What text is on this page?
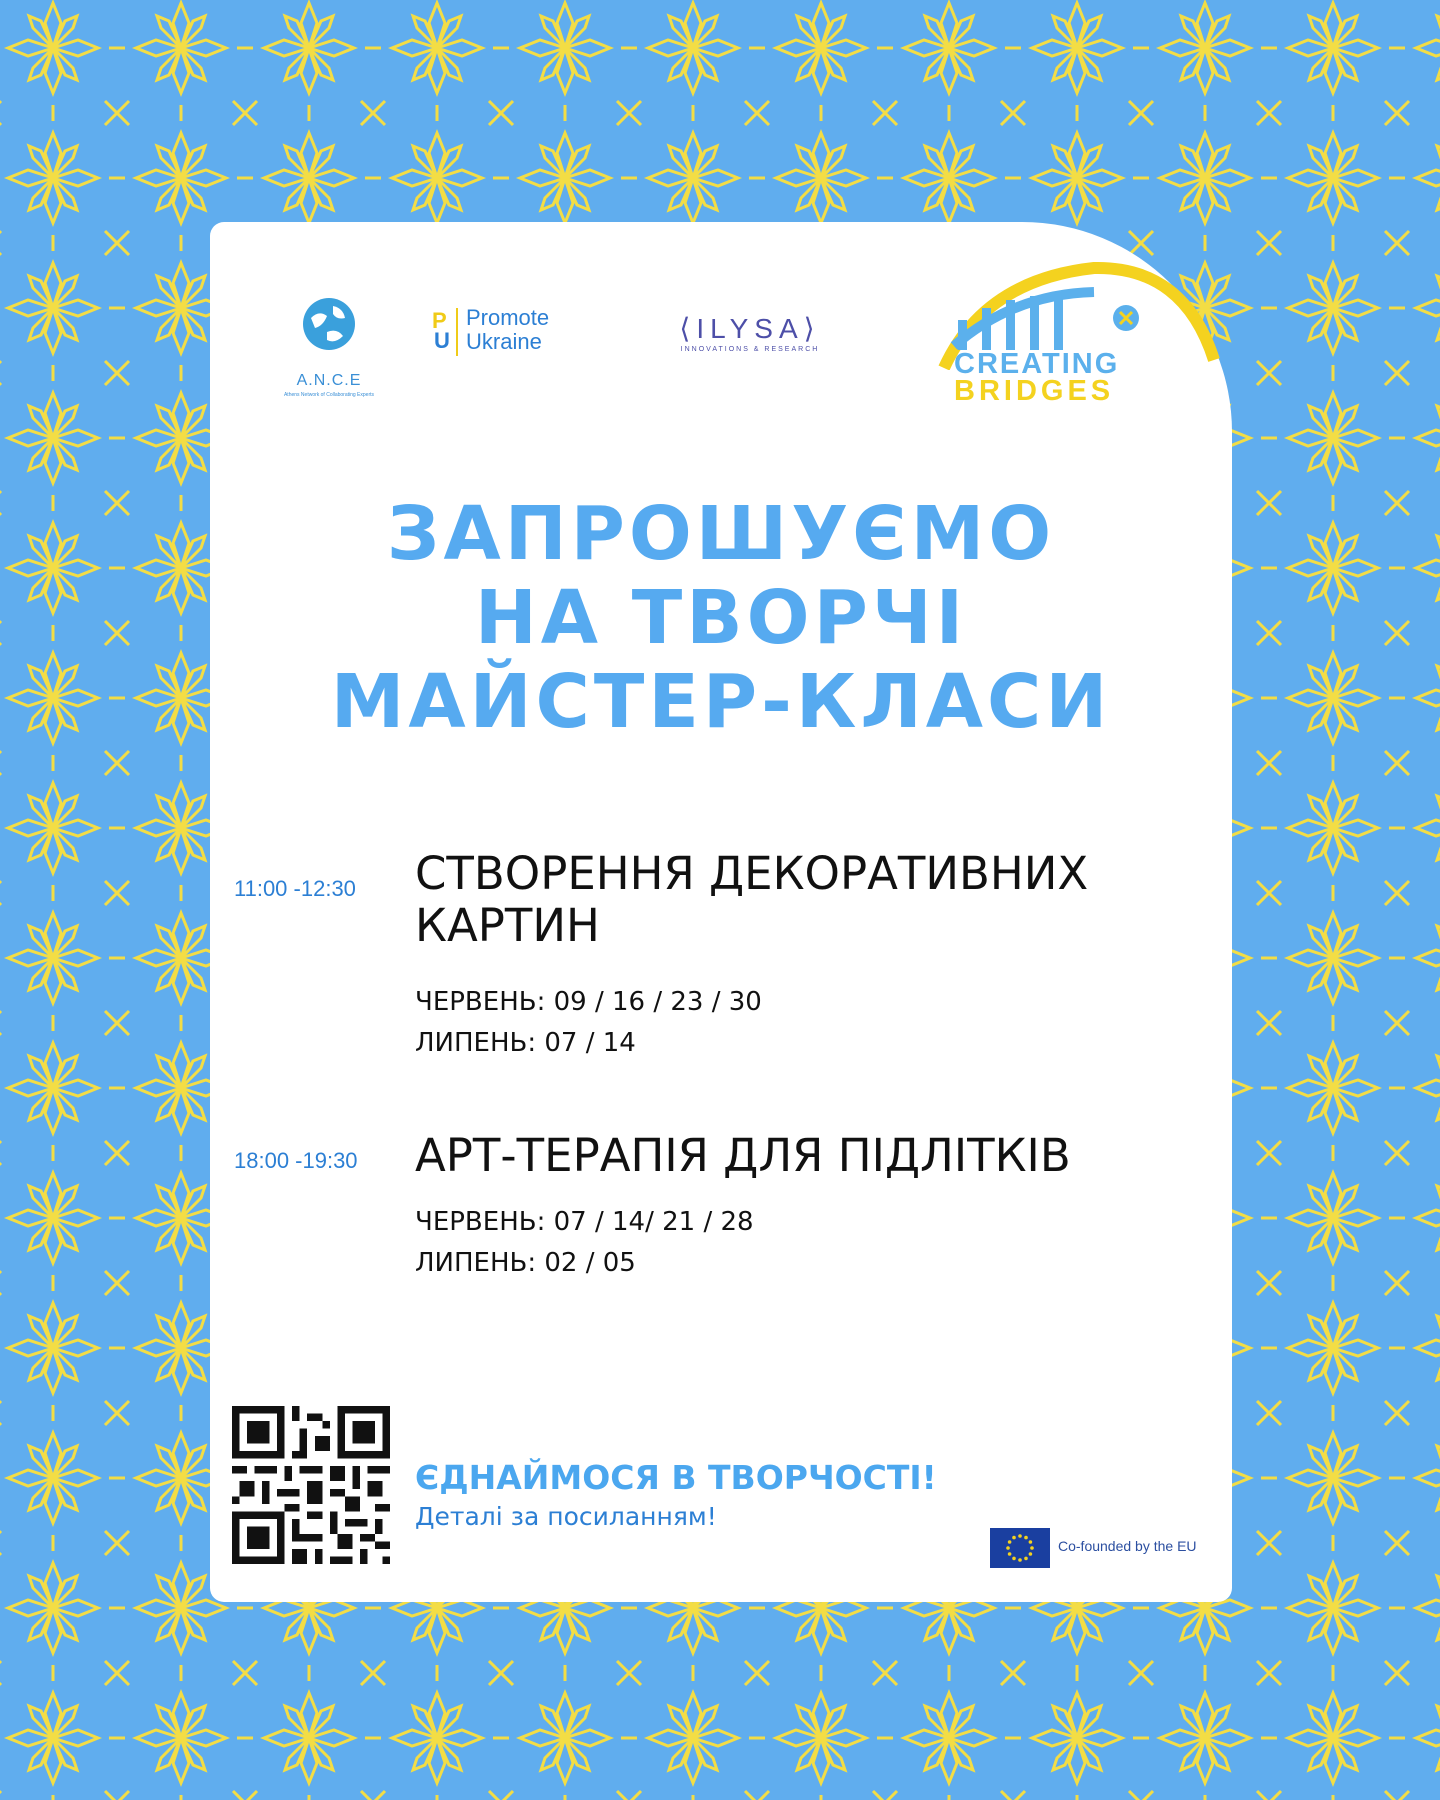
A.N.C.E
Athens Network of Collaborating Experts
P
U
Promote
Ukraine	⟨ILYSA⟩
INNOVATIONS & RESEARCH	CREATING
BRIDGES
ЗАПРОШУЄМО
НА ТВОРЧІ
МАЙСТЕР-КЛАСИ
11:00 -12:30 СТВОРЕННЯ ДЕКОРАТИВНИХ
КАРТИН
ЧЕРВЕНЬ: 09 / 16 / 23 / 30
ЛИПЕНЬ: 07 / 14
18:00 -19:30 АРТ-ТЕРАПІЯ ДЛЯ ПІДЛІТКІВ
ЧЕРВЕНЬ: 07 / 14/ 21 / 28
ЛИПЕНЬ: 02 / 05
ЄДНАЙМОСЯ В ТВОРЧОСТІ!
Деталі за посиланням!
Co-founded by the EU
